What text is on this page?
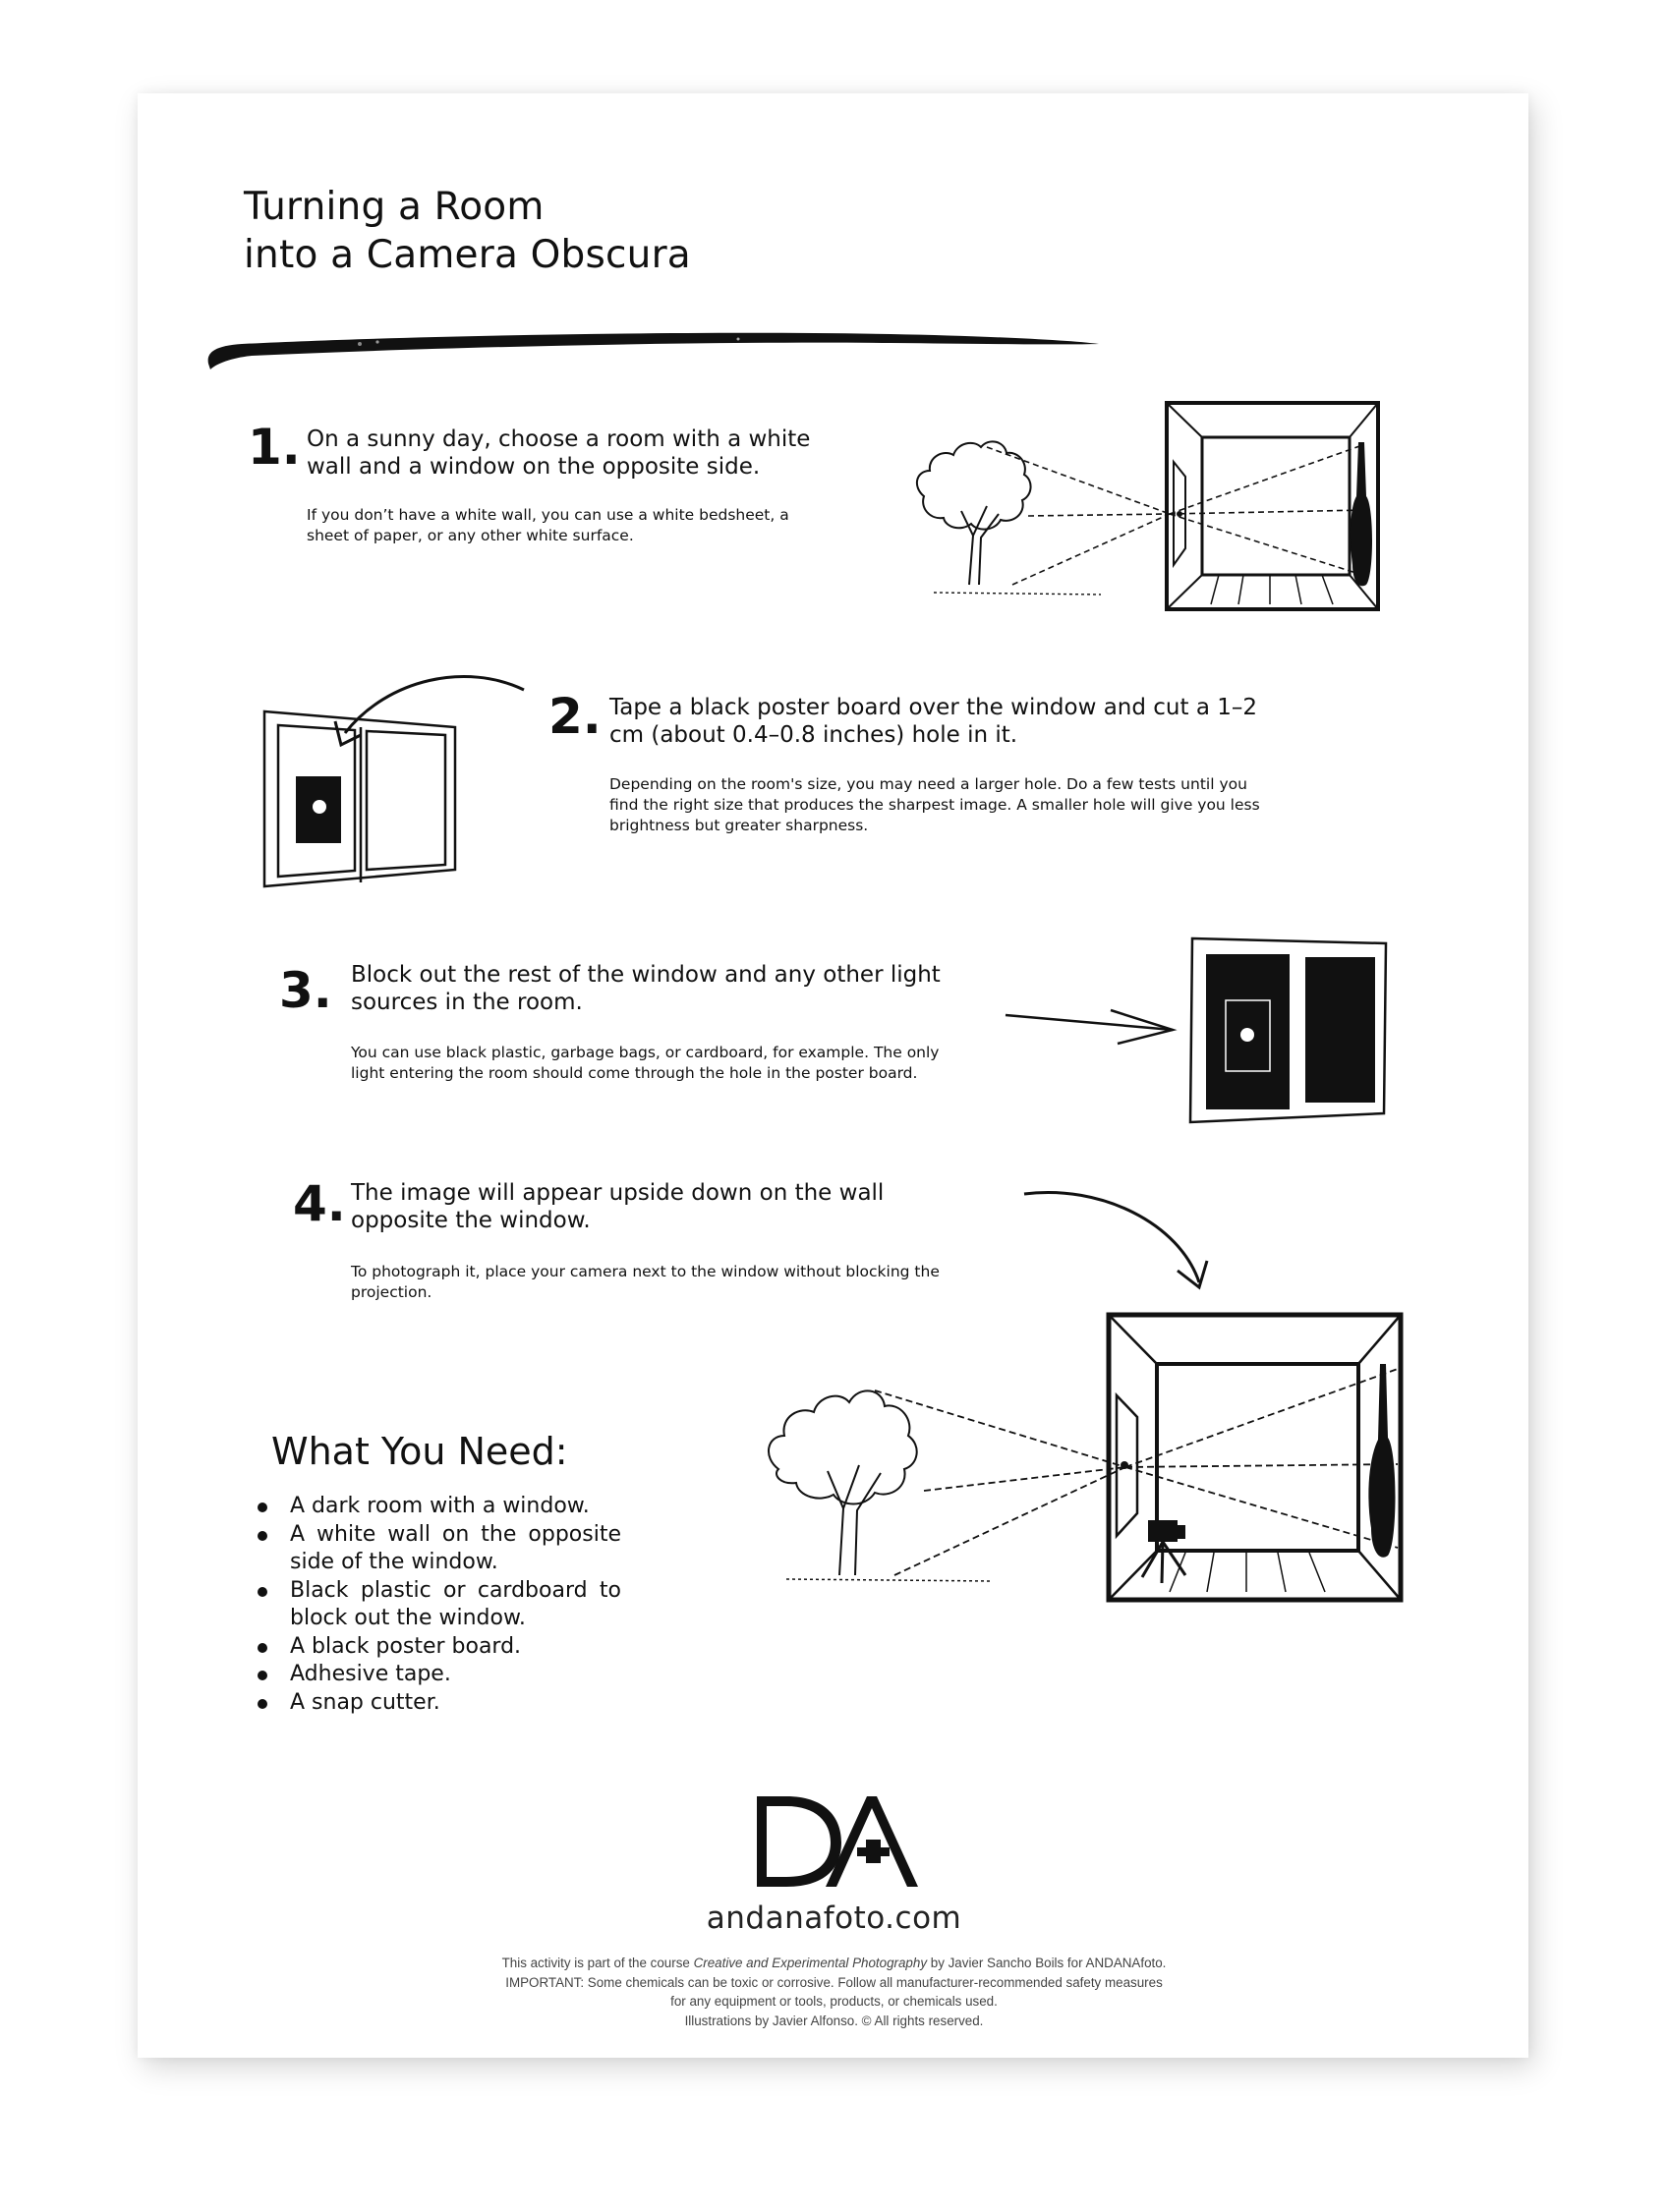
Turning a Room
into a Camera Obscura
1. On a sunny day, choose a room with a white
wall and a window on the opposite side.
If you don’t have a white wall, you can use a white bedsheet, a
sheet of paper, or any other white surface.
2. Tape a black poster board over the window and cut a 1–2
cm (about 0.4–0.8 inches) hole in it.
Depending on the room's size, you may need a larger hole. Do a few tests until you
find the right size that produces the sharpest image. A smaller hole will give you less
brightness but greater sharpness.
3. Block out the rest of the window and any other light
sources in the room.
You can use black plastic, garbage bags, or cardboard, for example. The only
light entering the room should come through the hole in the poster board.
4. The image will appear upside down on the wall
opposite the window.
To photograph it, place your camera next to the window without blocking the
projection.
What You Need:
A dark room with a window.
A white wall on the opposite side of the window.
Black plastic or cardboard to block out the window.
A black poster board.
Adhesive tape.
A snap cutter.
andanafoto.com
This activity is part of the course Creative and Experimental Photography by Javier Sancho Boils for ANDANAfoto.
IMPORTANT: Some chemicals can be toxic or corrosive. Follow all manufacturer-recommended safety measures
for any equipment or tools, products, or chemicals used.
Illustrations by Javier Alfonso. © All rights reserved.
